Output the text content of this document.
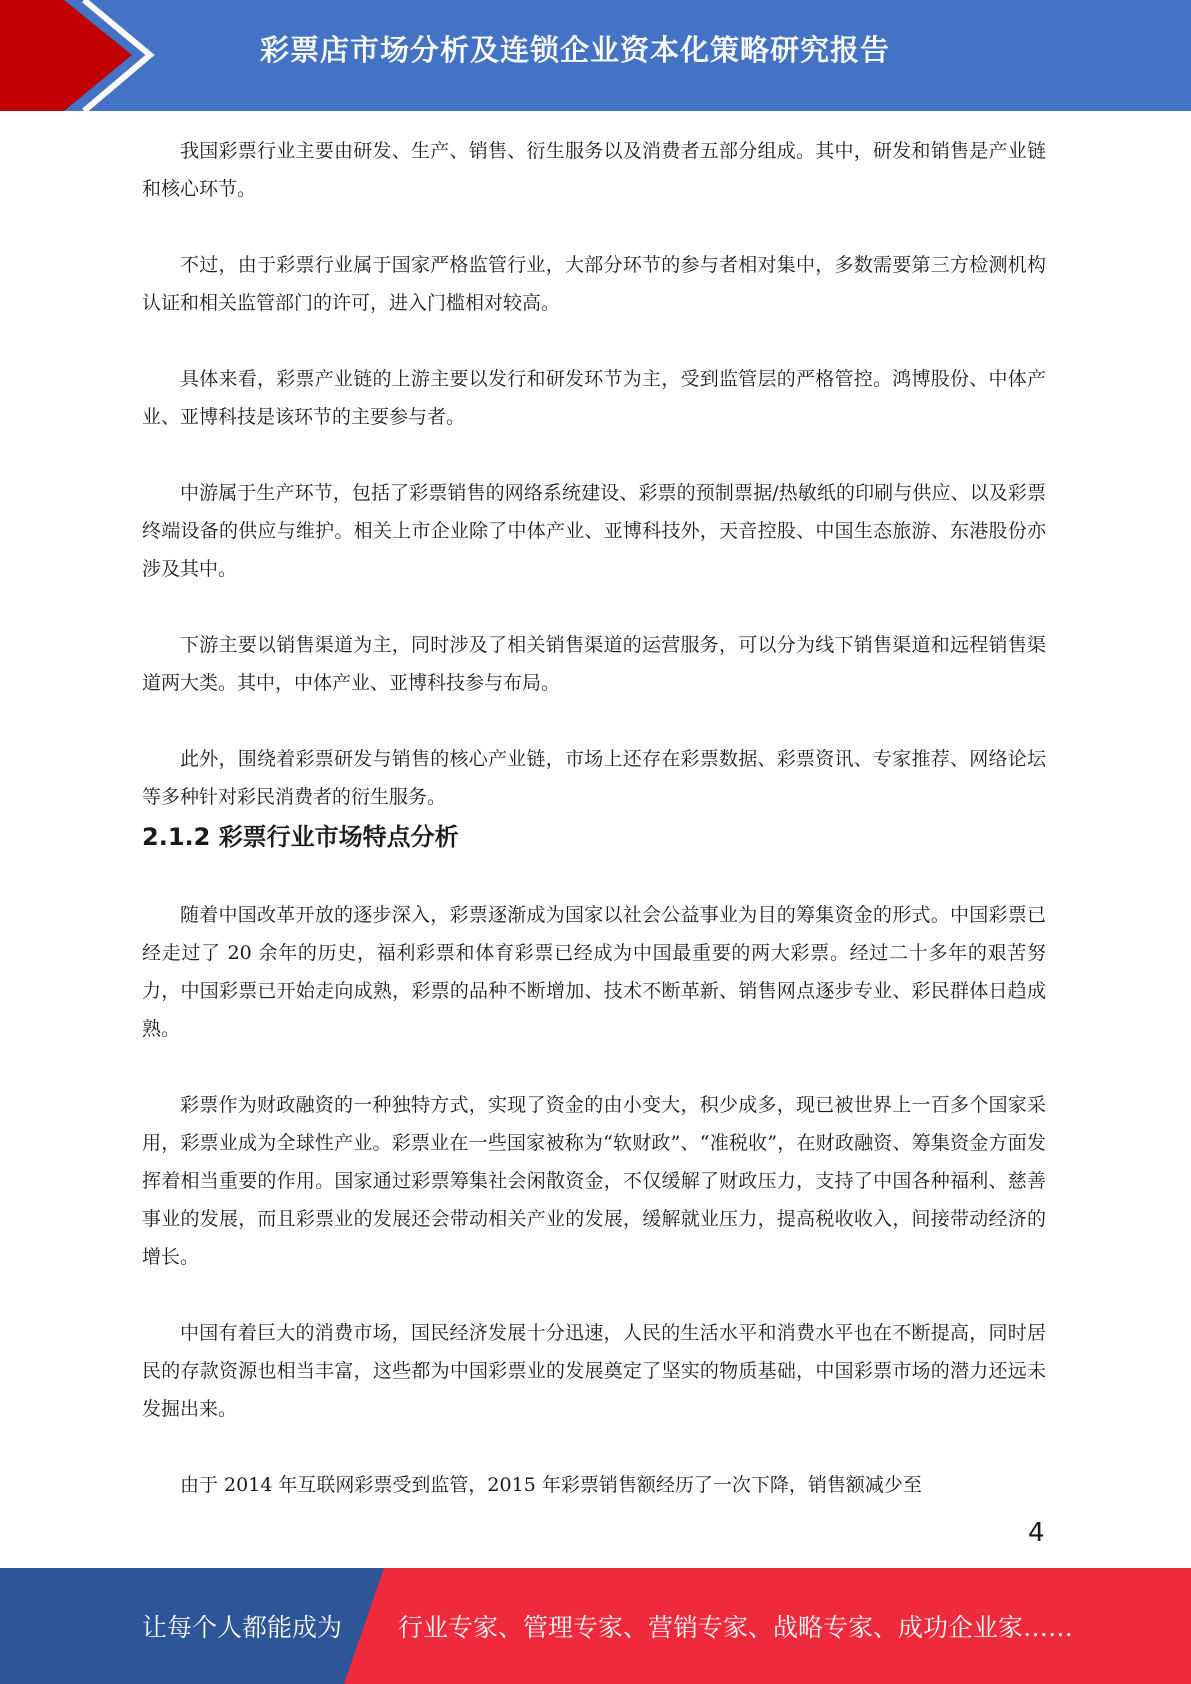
彩票店市场分析及连锁企业资本化策略研究报告

我国彩票行业主要由研发、生产、销售、衍生服务以及消费者五部分组成。其中，研发和销售是产业链和核心环节。

不过，由于彩票行业属于国家严格监管行业，大部分环节的参与者相对集中，多数需要第三方检测机构认证和相关监管部门的许可，进入门槛相对较高。

具体来看，彩票产业链的上游主要以发行和研发环节为主，受到监管层的严格管控。鸿博股份、中体产业、亚博科技是该环节的主要参与者。

中游属于生产环节，包括了彩票销售的网络系统建设、彩票的预制票据/热敏纸的印刷与供应、以及彩票终端设备的供应与维护。相关上市企业除了中体产业、亚博科技外，天音控股、中国生态旅游、东港股份亦涉及其中。

下游主要以销售渠道为主，同时涉及了相关销售渠道的运营服务，可以分为线下销售渠道和远程销售渠道两大类。其中，中体产业、亚博科技参与布局。

此外，围绕着彩票研发与销售的核心产业链，市场上还存在彩票数据、彩票资讯、专家推荐、网络论坛等多种针对彩民消费者的衍生服务。

2.1.2 彩票行业市场特点分析

随着中国改革开放的逐步深入，彩票逐渐成为国家以社会公益事业为目的筹集资金的形式。中国彩票已经走过了 20 余年的历史，福利彩票和体育彩票已经成为中国最重要的两大彩票。经过二十多年的艰苦努力，中国彩票已开始走向成熟，彩票的品种不断增加、技术不断革新、销售网点逐步专业、彩民群体日趋成熟。

彩票作为财政融资的一种独特方式，实现了资金的由小变大，积少成多，现已被世界上一百多个国家采用，彩票业成为全球性产业。彩票业在一些国家被称为“软财政”、“准税收”，在财政融资、筹集资金方面发挥着相当重要的作用。国家通过彩票筹集社会闲散资金，不仅缓解了财政压力，支持了中国各种福利、慈善事业的发展，而且彩票业的发展还会带动相关产业的发展，缓解就业压力，提高税收收入，间接带动经济的增长。

中国有着巨大的消费市场，国民经济发展十分迅速，人民的生活水平和消费水平也在不断提高，同时居民的存款资源也相当丰富，这些都为中国彩票业的发展奠定了坚实的物质基础，中国彩票市场的潜力还远未发掘出来。

由于 2014 年互联网彩票受到监管，2015 年彩票销售额经历了一次下降，销售额减少至

4
让每个人都能成为 行业专家、管理专家、营销专家、战略专家、成功企业家……
